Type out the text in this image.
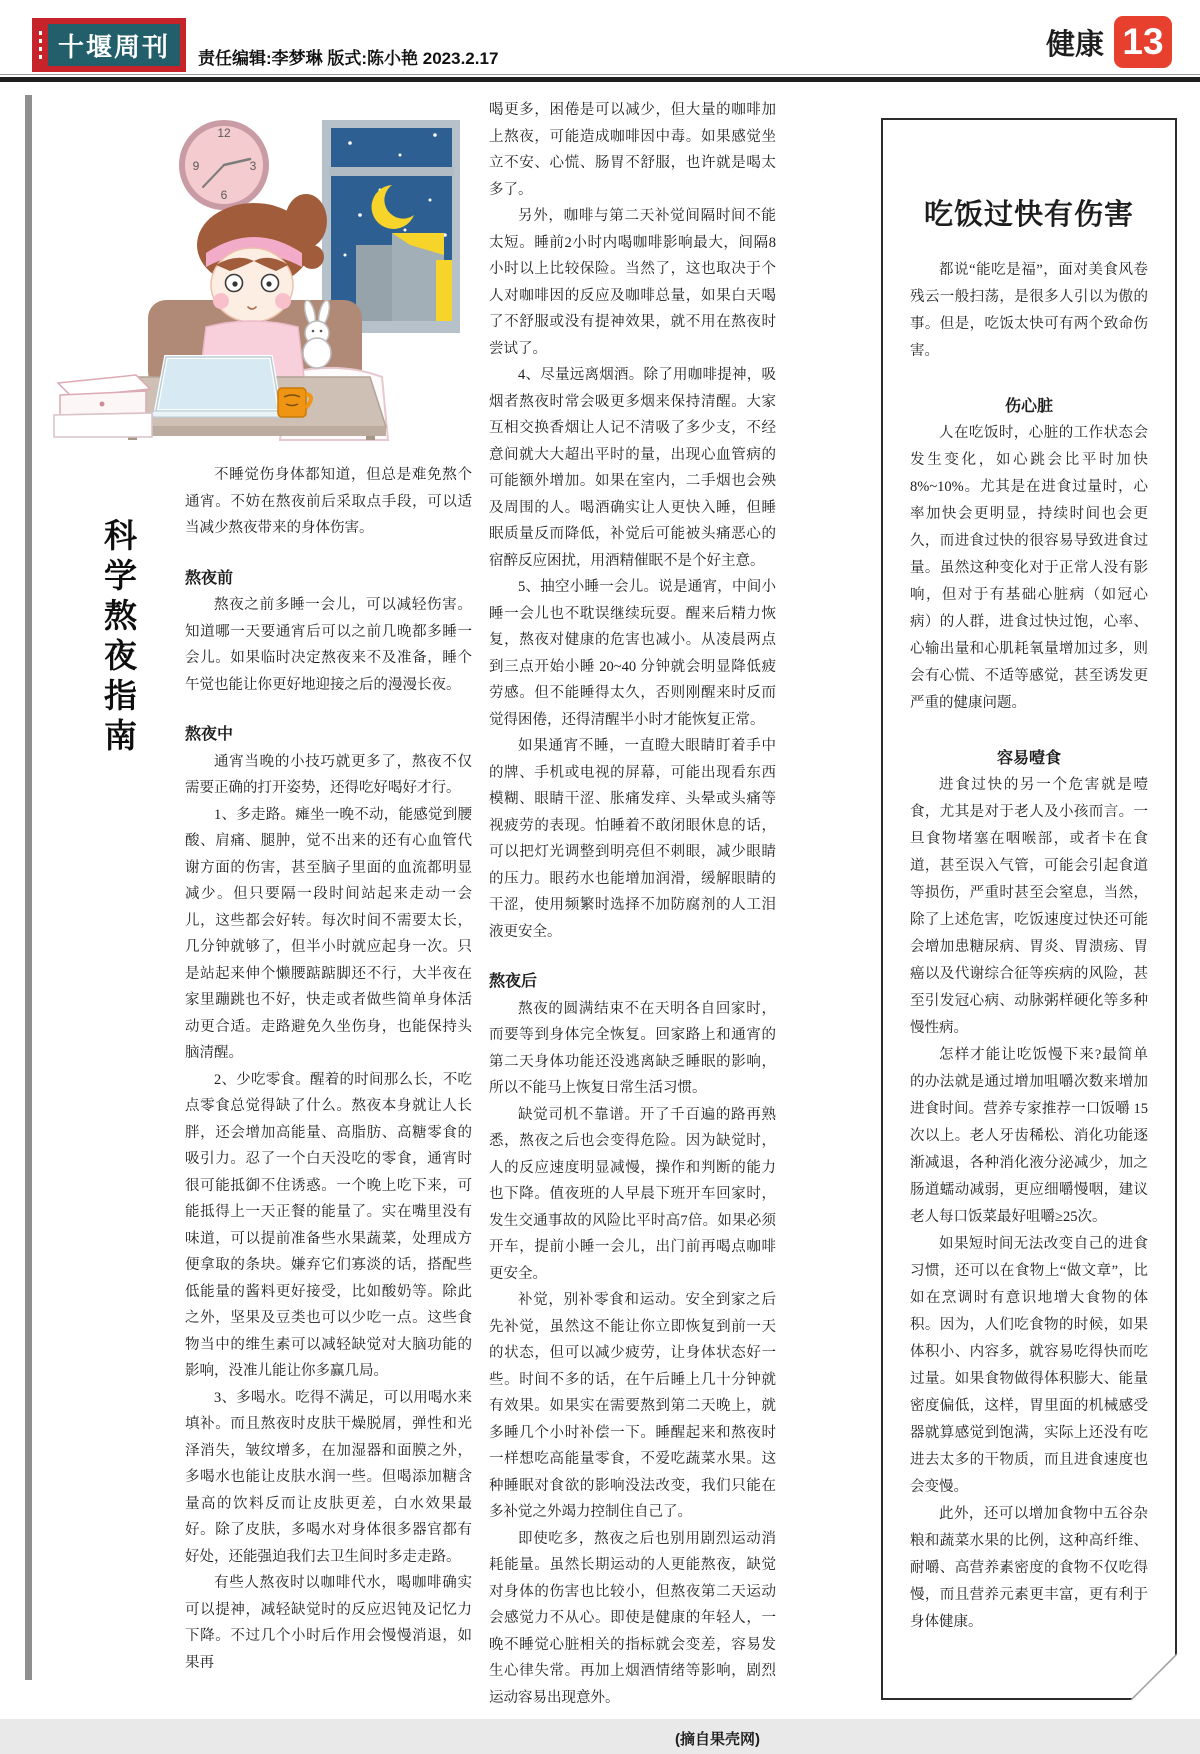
十堰周刊	责任编辑:李梦琳 版式:陈小艳 2023.2.17	健康 13
12
3
6
9
科学熬夜指南

不睡觉伤身体都知道，但总是难免熬个通宵。不妨在熬夜前后采取点手段，可以适当减少熬夜带来的身体伤害。

熬夜前

熬夜之前多睡一会儿，可以减轻伤害。知道哪一天要通宵后可以之前几晚都多睡一会儿。如果临时决定熬夜来不及准备，睡个午觉也能让你更好地迎接之后的漫漫长夜。

熬夜中

通宵当晚的小技巧就更多了，熬夜不仅需要正确的打开姿势，还得吃好喝好才行。

1、多走路。瘫坐一晚不动，能感觉到腰酸、肩痛、腿肿，觉不出来的还有心血管代谢方面的伤害，甚至脑子里面的血流都明显减少。但只要隔一段时间站起来走动一会儿，这些都会好转。每次时间不需要太长，几分钟就够了，但半小时就应起身一次。只是站起来伸个懒腰踮踮脚还不行，大半夜在家里蹦跳也不好，快走或者做些简单身体活动更合适。走路避免久坐伤身，也能保持头脑清醒。

2、少吃零食。醒着的时间那么长，不吃点零食总觉得缺了什么。熬夜本身就让人长胖，还会增加高能量、高脂肪、高糖零食的吸引力。忍了一个白天没吃的零食，通宵时很可能抵御不住诱惑。一个晚上吃下来，可能抵得上一天正餐的能量了。实在嘴里没有味道，可以提前准备些水果蔬菜，处理成方便拿取的条块。嫌弃它们寡淡的话，搭配些低能量的酱料更好接受，比如酸奶等。除此之外，坚果及豆类也可以少吃一点。这些食物当中的维生素可以减轻缺觉对大脑功能的影响，没准儿能让你多赢几局。

3、多喝水。吃得不满足，可以用喝水来填补。而且熬夜时皮肤干燥脱屑，弹性和光泽消失，皱纹增多，在加湿器和面膜之外，多喝水也能让皮肤水润一些。但喝添加糖含量高的饮料反而让皮肤更差，白水效果最好。除了皮肤，多喝水对身体很多器官都有好处，还能强迫我们去卫生间时多走走路。

有些人熬夜时以咖啡代水，喝咖啡确实可以提神，减轻缺觉时的反应迟钝及记忆力下降。不过几个小时后作用会慢慢消退，如果再

喝更多，困倦是可以减少，但大量的咖啡加上熬夜，可能造成咖啡因中毒。如果感觉坐立不安、心慌、肠胃不舒服，也许就是喝太多了。

另外，咖啡与第二天补觉间隔时间不能太短。睡前2小时内喝咖啡影响最大，间隔8小时以上比较保险。当然了，这也取决于个人对咖啡因的反应及咖啡总量，如果白天喝了不舒服或没有提神效果，就不用在熬夜时尝试了。

4、尽量远离烟酒。除了用咖啡提神，吸烟者熬夜时常会吸更多烟来保持清醒。大家互相交换香烟让人记不清吸了多少支，不经意间就大大超出平时的量，出现心血管病的可能额外增加。如果在室内，二手烟也会殃及周围的人。喝酒确实让人更快入睡，但睡眠质量反而降低，补觉后可能被头痛恶心的宿醉反应困扰，用酒精催眠不是个好主意。

5、抽空小睡一会儿。说是通宵，中间小睡一会儿也不耽误继续玩耍。醒来后精力恢复，熬夜对健康的危害也减小。从凌晨两点到三点开始小睡 20~40 分钟就会明显降低疲劳感。但不能睡得太久，否则刚醒来时反而觉得困倦，还得清醒半小时才能恢复正常。

如果通宵不睡，一直瞪大眼睛盯着手中的牌、手机或电视的屏幕，可能出现看东西模糊、眼睛干涩、胀痛发痒、头晕或头痛等视疲劳的表现。怕睡着不敢闭眼休息的话，可以把灯光调整到明亮但不刺眼，减少眼睛的压力。眼药水也能增加润滑，缓解眼睛的干涩，使用频繁时选择不加防腐剂的人工泪液更安全。

熬夜后

熬夜的圆满结束不在天明各自回家时，而要等到身体完全恢复。回家路上和通宵的第二天身体功能还没逃离缺乏睡眠的影响，所以不能马上恢复日常生活习惯。

缺觉司机不靠谱。开了千百遍的路再熟悉，熬夜之后也会变得危险。因为缺觉时，人的反应速度明显减慢，操作和判断的能力也下降。值夜班的人早晨下班开车回家时，发生交通事故的风险比平时高7倍。如果必须开车，提前小睡一会儿，出门前再喝点咖啡更安全。

补觉，别补零食和运动。安全到家之后先补觉，虽然这不能让你立即恢复到前一天的状态，但可以减少疲劳，让身体状态好一些。时间不多的话，在午后睡上几十分钟就有效果。如果实在需要熬到第二天晚上，就多睡几个小时补偿一下。睡醒起来和熬夜时一样想吃高能量零食，不爱吃蔬菜水果。这种睡眠对食欲的影响没法改变，我们只能在多补觉之外竭力控制住自己了。

即使吃多，熬夜之后也别用剧烈运动消耗能量。虽然长期运动的人更能熬夜，缺觉对身体的伤害也比较小，但熬夜第二天运动会感觉力不从心。即使是健康的年轻人，一晚不睡觉心脏相关的指标就会变差，容易发生心律失常。再加上烟酒情绪等影响，剧烈运动容易出现意外。

(摘自果壳网)
吃饭过快有伤害

都说“能吃是福”，面对美食风卷残云一般扫荡，是很多人引以为傲的事。但是，吃饭太快可有两个致命伤害。

伤心脏

人在吃饭时，心脏的工作状态会发生变化，如心跳会比平时加快 8%~10%。尤其是在进食过量时，心率加快会更明显，持续时间也会更久，而进食过快的很容易导致进食过量。虽然这种变化对于正常人没有影响，但对于有基础心脏病（如冠心病）的人群，进食过快过饱，心率、心输出量和心肌耗氧量增加过多，则会有心慌、不适等感觉，甚至诱发更严重的健康问题。

容易噎食

进食过快的另一个危害就是噎食，尤其是对于老人及小孩而言。一旦食物堵塞在咽喉部，或者卡在食道，甚至误入气管，可能会引起食道等损伤，严重时甚至会窒息，当然，除了上述危害，吃饭速度过快还可能会增加患糖尿病、胃炎、胃溃疡、胃癌以及代谢综合征等疾病的风险，甚至引发冠心病、动脉粥样硬化等多种慢性病。

怎样才能让吃饭慢下来?最简单的办法就是通过增加咀嚼次数来增加进食时间。营养专家推荐一口饭嚼 15 次以上。老人牙齿稀松、消化功能逐渐减退，各种消化液分泌减少，加之肠道蠕动减弱，更应细嚼慢咽，建议老人每口饭菜最好咀嚼≥25次。

如果短时间无法改变自己的进食习惯，还可以在食物上“做文章”，比如在烹调时有意识地增大食物的体积。因为，人们吃食物的时候，如果体积小、内容多，就容易吃得快而吃过量。如果食物做得体积膨大、能量密度偏低，这样，胃里面的机械感受器就算感觉到饱满，实际上还没有吃进去太多的干物质，而且进食速度也会变慢。

此外，还可以增加食物中五谷杂粮和蔬菜水果的比例，这种高纤维、耐嚼、高营养素密度的食物不仅吃得慢，而且营养元素更丰富，更有利于身体健康。
